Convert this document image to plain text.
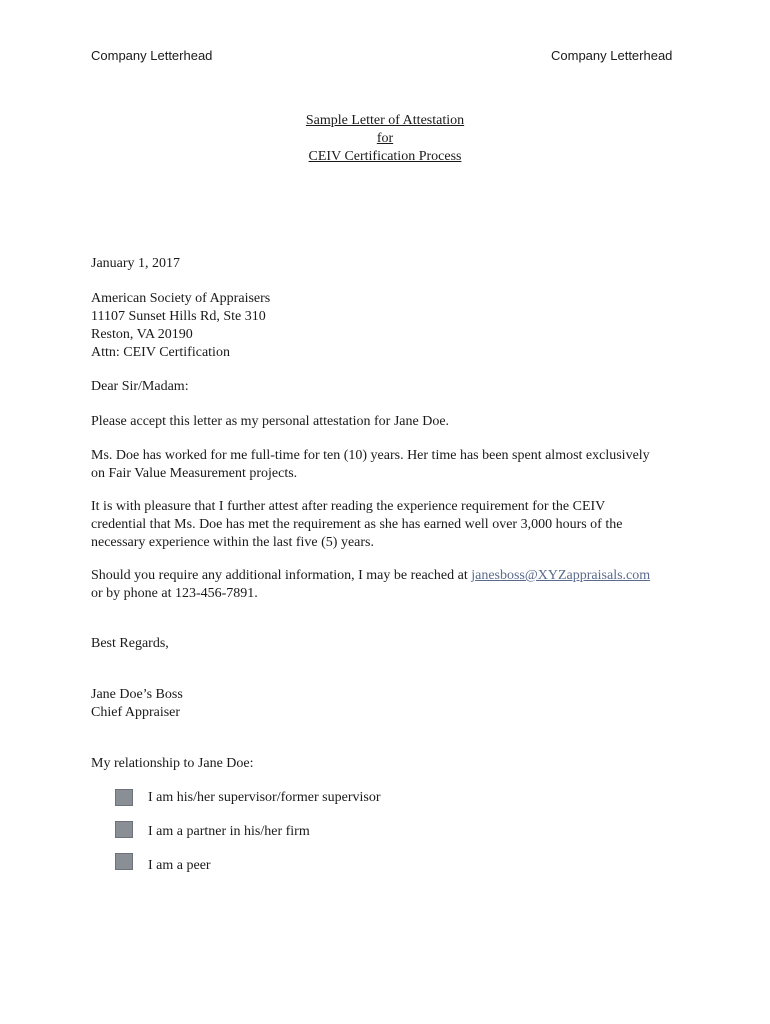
Company Letterhead	Company Letterhead
Sample Letter of Attestation
for
CEIV Certification Process
January 1, 2017
American Society of Appraisers
11107 Sunset Hills Rd, Ste 310
Reston, VA 20190
Attn: CEIV Certification
Dear Sir/Madam:
Please accept this letter as my personal attestation for Jane Doe.
Ms. Doe has worked for me full-time for ten (10) years. Her time has been spent almost exclusively
on Fair Value Measurement projects.
It is with pleasure that I further attest after reading the experience requirement for the CEIV
credential that Ms. Doe has met the requirement as she has earned well over 3,000 hours of the
necessary experience within the last five (5) years.
Should you require any additional information, I may be reached at janesboss@XYZappraisals.com
or by phone at 123-456-7891.
Best Regards,
Jane Doe’s Boss
Chief Appraiser
My relationship to Jane Doe:
I am his/her supervisor/former supervisor
I am a partner in his/her firm
I am a peer
